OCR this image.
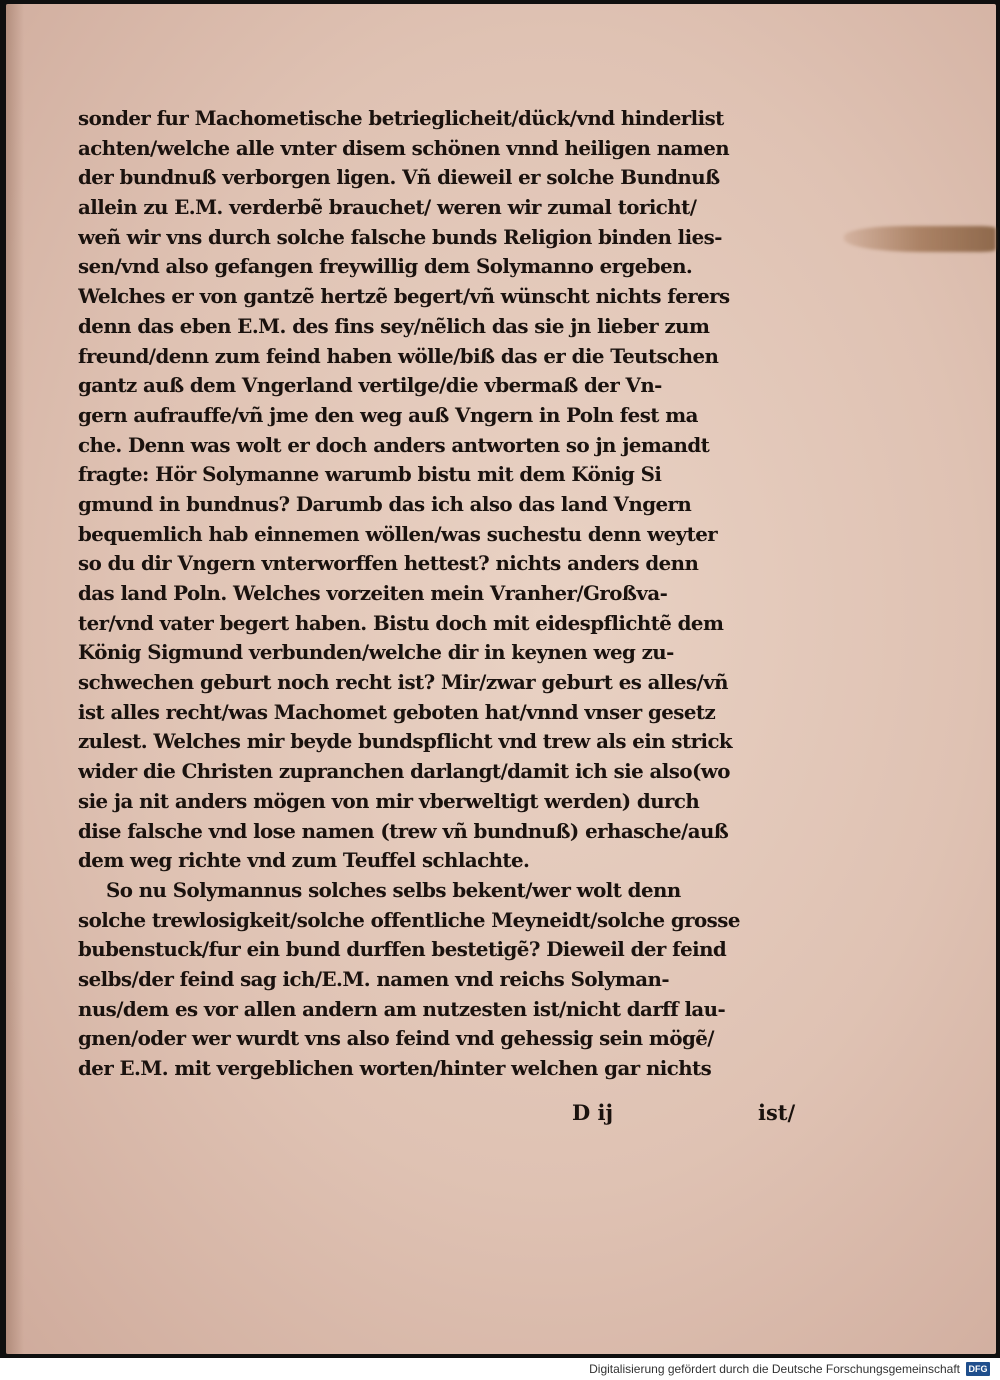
sonder fur Machometische betrieglicheit/dück/vnd hinderlist
achten/welche alle vnter disem schönen vnnd heiligen namen
der bundnuß verborgen ligen. Vñ dieweil er solche Bundnuß
allein zu E.M. verderbẽ brauchet/ weren wir zumal toricht/
weñ wir vns durch solche falsche bunds Religion binden lies-
sen/vnd also gefangen freywillig dem Solymanno ergeben.
Welches er von gantzẽ hertzẽ begert/vñ wünscht nichts ferers
denn das eben E.M. des fins sey/nẽlich das sie jn lieber zum
freund/denn zum feind haben wölle/biß das er die Teutschen
gantz auß dem Vngerland vertilge/die vbermaß der Vn-
gern aufrauffe/vñ jme den weg auß Vngern in Poln fest ma
che. Denn was wolt er doch anders antworten so jn jemandt
fragte: Hör Solymanne warumb bistu mit dem König Si
gmund in bundnus? Darumb das ich also das land Vngern
bequemlich hab einnemen wöllen/was suchestu denn weyter
so du dir Vngern vnterworffen hettest? nichts anders denn
das land Poln. Welches vorzeiten mein Vranher/Großva-
ter/vnd vater begert haben. Bistu doch mit eidespflichtẽ dem
König Sigmund verbunden/welche dir in keynen weg zu-
schwechen geburt noch recht ist? Mir/zwar geburt es alles/vñ
ist alles recht/was Machomet geboten hat/vnnd vnser gesetz
zulest. Welches mir beyde bundspflicht vnd trew als ein strick
wider die Christen zupranchen darlangt/damit ich sie also(wo
sie ja nit anders mögen von mir vberweltigt werden) durch
dise falsche vnd lose namen (trew vñ bundnuß) erhasche/auß
dem weg richte vnd zum Teuffel schlachte.
So nu Solymannus solches selbs bekent/wer wolt denn
solche trewlosigkeit/solche offentliche Meyneidt/solche grosse
bubenstuck/fur ein bund durffen bestetigẽ? Dieweil der feind
selbs/der feind sag ich/E.M. namen vnd reichs Solyman-
nus/dem es vor allen andern am nutzesten ist/nicht darff lau-
gnen/oder wer wurdt vns also feind vnd gehessig sein mögẽ/
der E.M. mit vergeblichen worten/hinter welchen gar nichts
D ij	ist/
Digitalisierung gefördert durch die Deutsche Forschungsgemeinschaft DFG
